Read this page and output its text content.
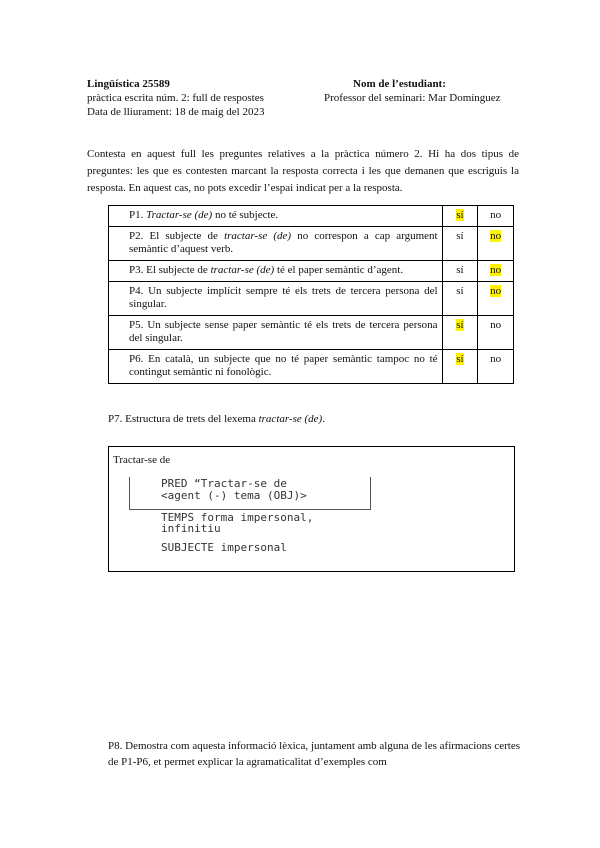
Lingüística 25589	Nom de l’estudiant:
pràctica escrita núm. 2: full de respostes	Professor del seminari: Mar Domínguez
Data de lliurament: 18 de maig del 2023
Contesta en aquest full les preguntes relatives a la pràctica número 2. Hi ha dos tipus de preguntes: les que es contesten marcant la resposta correcta i les que demanen que escriguis la resposta. En aquest cas, no pots excedir l’espai indicat per a la resposta.
P1. Tractar-se (de) no té subjecte.	sí	no
P2. El subjecte de tractar-se (de) no correspon a cap argument semàntic d’aquest verb.	sí	no
P3. El subjecte de tractar-se (de) té el paper semàntic d’agent.	sí	no
P4. Un subjecte implícit sempre té els trets de tercera persona del singular.	sí	no
P5. Un subjecte sense paper semàntic té els trets de tercera persona del singular.	sí	no
P6. En català, un subjecte que no té paper semàntic tampoc no té contingut semàntic ni fonològic.	sí	no
P7. Estructura de trets del lexema tractar-se (de).
Tractar-se de
PRED “Tractar-se de
<agent (-) tema (OBJ)>
TEMPS forma impersonal,
infinitiu
SUBJECTE impersonal
P8. Demostra com aquesta informació lèxica, juntament amb alguna de les afirmacions certes de P1-P6, et permet explicar la agramaticalitat d’exemples com
